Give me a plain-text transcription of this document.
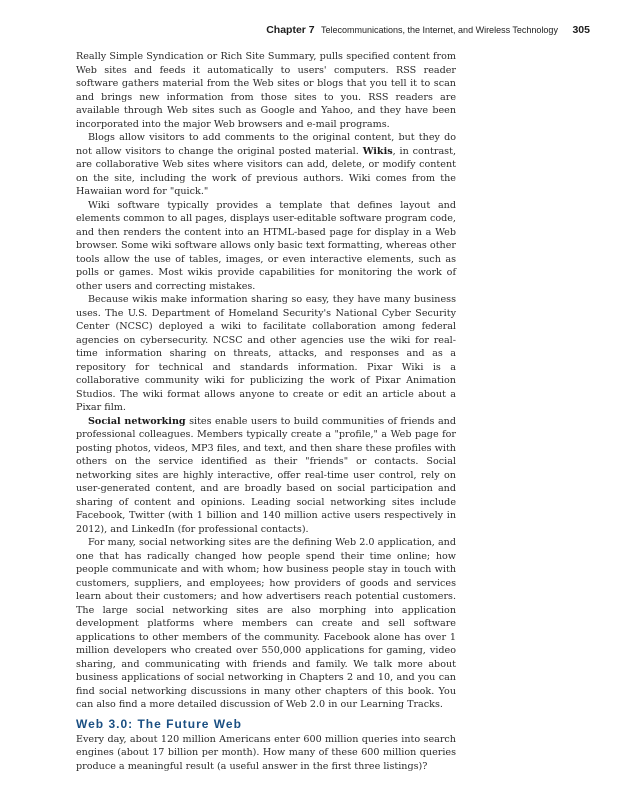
Chapter 7 Telecommunications, the Internet, and Wireless Technology 305

Really Simple Syndication or Rich Site Summary, pulls specified content from Web sites and feeds it automatically to users' computers. RSS reader software gathers material from the Web sites or blogs that you tell it to scan and brings new information from those sites to you. RSS readers are available through Web sites such as Google and Yahoo, and they have been incorporated into the major Web browsers and e-mail programs.

Blogs allow visitors to add comments to the original content, but they do not allow visitors to change the original posted material. Wikis, in contrast, are collaborative Web sites where visitors can add, delete, or modify content on the site, including the work of previous authors. Wiki comes from the Hawaiian word for "quick."

Wiki software typically provides a template that defines layout and elements common to all pages, displays user-editable software program code, and then renders the content into an HTML-based page for display in a Web browser. Some wiki software allows only basic text formatting, whereas other tools allow the use of tables, images, or even interactive elements, such as polls or games. Most wikis provide capabilities for monitoring the work of other users and correcting mistakes.

Because wikis make information sharing so easy, they have many business uses. The U.S. Department of Homeland Security's National Cyber Security Center (NCSC) deployed a wiki to facilitate collaboration among federal agencies on cybersecurity. NCSC and other agencies use the wiki for real-time information sharing on threats, attacks, and responses and as a repository for technical and standards information. Pixar Wiki is a collaborative community wiki for publicizing the work of Pixar Animation Studios. The wiki format allows anyone to create or edit an article about a Pixar film.

Social networking sites enable users to build communities of friends and professional colleagues. Members typically create a "profile," a Web page for posting photos, videos, MP3 files, and text, and then share these profiles with others on the service identified as their "friends" or contacts. Social networking sites are highly interactive, offer real-time user control, rely on user-generated content, and are broadly based on social participation and sharing of content and opinions. Leading social networking sites include Facebook, Twitter (with 1 billion and 140 million active users respectively in 2012), and LinkedIn (for professional contacts).

For many, social networking sites are the defining Web 2.0 application, and one that has radically changed how people spend their time online; how people communicate and with whom; how business people stay in touch with customers, suppliers, and employees; how providers of goods and services learn about their customers; and how advertisers reach potential customers. The large social networking sites are also morphing into application development platforms where members can create and sell software applications to other members of the community. Facebook alone has over 1 million developers who created over 550,000 applications for gaming, video sharing, and communicating with friends and family. We talk more about business applications of social networking in Chapters 2 and 10, and you can find social networking discussions in many other chapters of this book. You can also find a more detailed discussion of Web 2.0 in our Learning Tracks.

Web 3.0: The Future Web

Every day, about 120 million Americans enter 600 million queries into search engines (about 17 billion per month). How many of these 600 million queries produce a meaningful result (a useful answer in the first three listings)?
